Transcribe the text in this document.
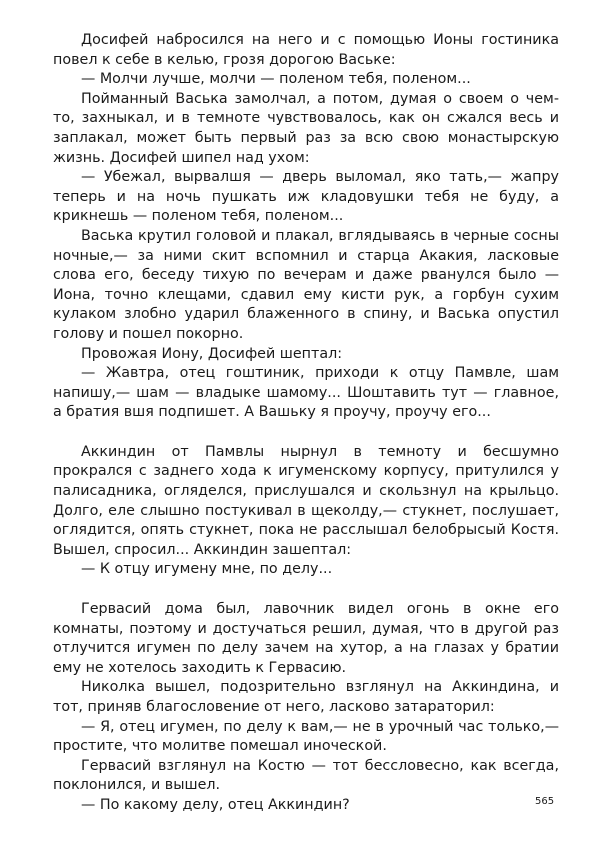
Досифей набросился на него и с помощью Ионы гостиника повел к себе в келью, грозя дорогою Ваське:

— Молчи лучше, молчи — поленом тебя, поленом...

Пойманный Васька замолчал, а потом, думая о своем о чем-то, захныкал, и в темноте чувствовалось, как он сжался весь и заплакал, может быть первый раз за всю свою монастырскую жизнь. Досифей шипел над ухом:

— Убежал, вырвалшя — дверь выломал, яко тать,— жапру теперь и на ночь пушкать иж кладовушки тебя не буду, а крикнешь — поленом тебя, поленом...

Васька крутил головой и плакал, вглядываясь в черные сосны ночные,— за ними скит вспомнил и старца Акакия, ласковые слова его, беседу тихую по вечерам и даже рванулся было — Иона, точно клещами, сдавил ему кисти рук, а горбун сухим кулаком злобно ударил блаженного в спину, и Васька опустил голову и пошел покорно.

Провожая Иону, Досифей шептал:

— Жавтра, отец гоштиник, приходи к отцу Памвле, шам напишу,— шам — владыке шамому... Шоштавить тут — главное, а братия вшя подпишет. А Вашьку я проучу, проучу его...

Аккиндин от Памвлы нырнул в темноту и бесшумно прокрался с заднего хода к игуменскому корпусу, притулился у палисадника, огляделся, прислушался и скользнул на крыльцо. Долго, еле слышно постукивал в щеколду,— стукнет, послушает, оглядится, опять стукнет, пока не расслышал белобрысый Костя. Вышел, спросил... Аккиндин зашептал:

— К отцу игумену мне, по делу...

Гервасий дома был, лавочник видел огонь в окне его комнаты, поэтому и достучаться решил, думая, что в другой раз отлучится игумен по делу зачем на хутор, а на глазах у братии ему не хотелось заходить к Гервасию.

Николка вышел, подозрительно взглянул на Аккиндина, и тот, приняв благословение от него, ласково затараторил:

— Я, отец игумен, по делу к вам,— не в урочный час только,— простите, что молитве помешал иноческой.

Гервасий взглянул на Костю — тот бессловесно, как всегда, поклонился, и вышел.

— По какому делу, отец Аккиндин?	565
